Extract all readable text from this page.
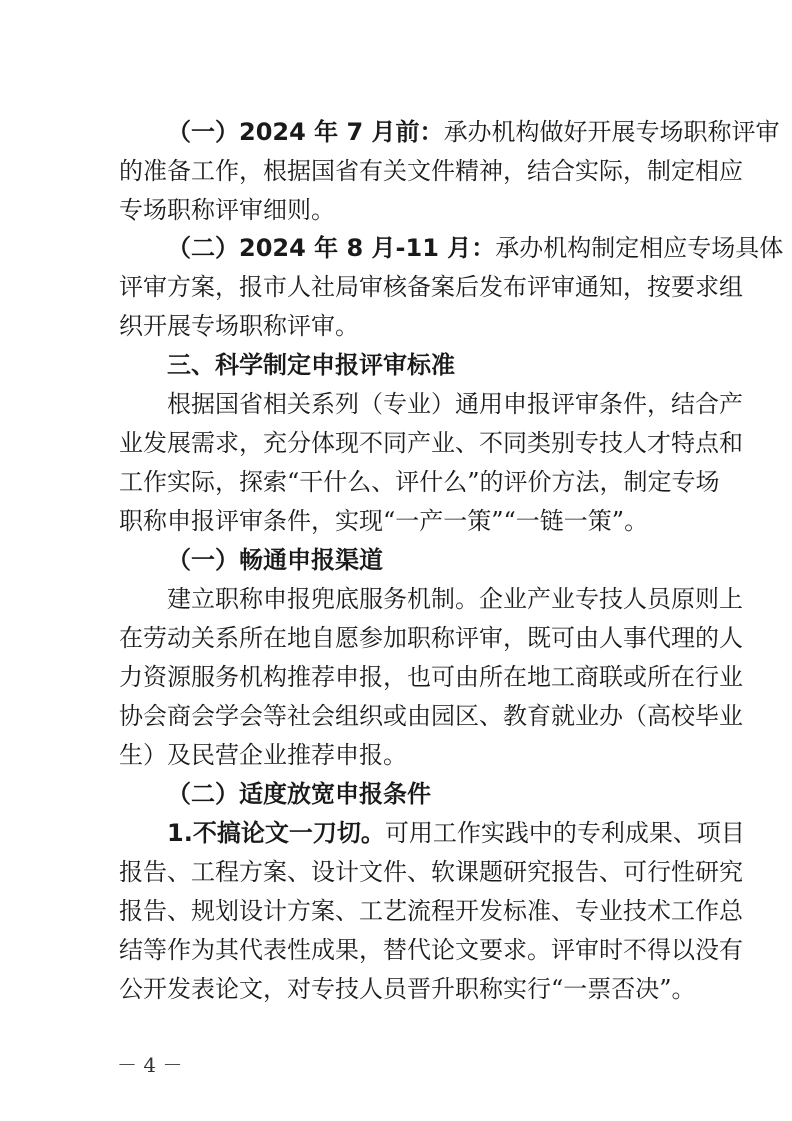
（一）2024 年 7 月前：承办机构做好开展专场职称评审
的准备工作，根据国省有关文件精神，结合实际，制定相应
专场职称评审细则。
（二）2024 年 8 月-11 月：承办机构制定相应专场具体
评审方案，报市人社局审核备案后发布评审通知，按要求组
织开展专场职称评审。
三、科学制定申报评审标准
根据国省相关系列（专业）通用申报评审条件，结合产
业发展需求，充分体现不同产业、不同类别专技人才特点和
工作实际，探索“干什么、评什么”的评价方法，制定专场
职称申报评审条件，实现“一产一策”“一链一策”。
（一）畅通申报渠道
建立职称申报兜底服务机制。企业产业专技人员原则上
在劳动关系所在地自愿参加职称评审，既可由人事代理的人
力资源服务机构推荐申报，也可由所在地工商联或所在行业
协会商会学会等社会组织或由园区、教育就业办（高校毕业
生）及民营企业推荐申报。
（二）适度放宽申报条件
1.不搞论文一刀切。可用工作实践中的专利成果、项目
报告、工程方案、设计文件、软课题研究报告、可行性研究
报告、规划设计方案、工艺流程开发标准、专业技术工作总
结等作为其代表性成果，替代论文要求。评审时不得以没有
公开发表论文，对专技人员晋升职称实行“一票否决”。
－ 4 －
